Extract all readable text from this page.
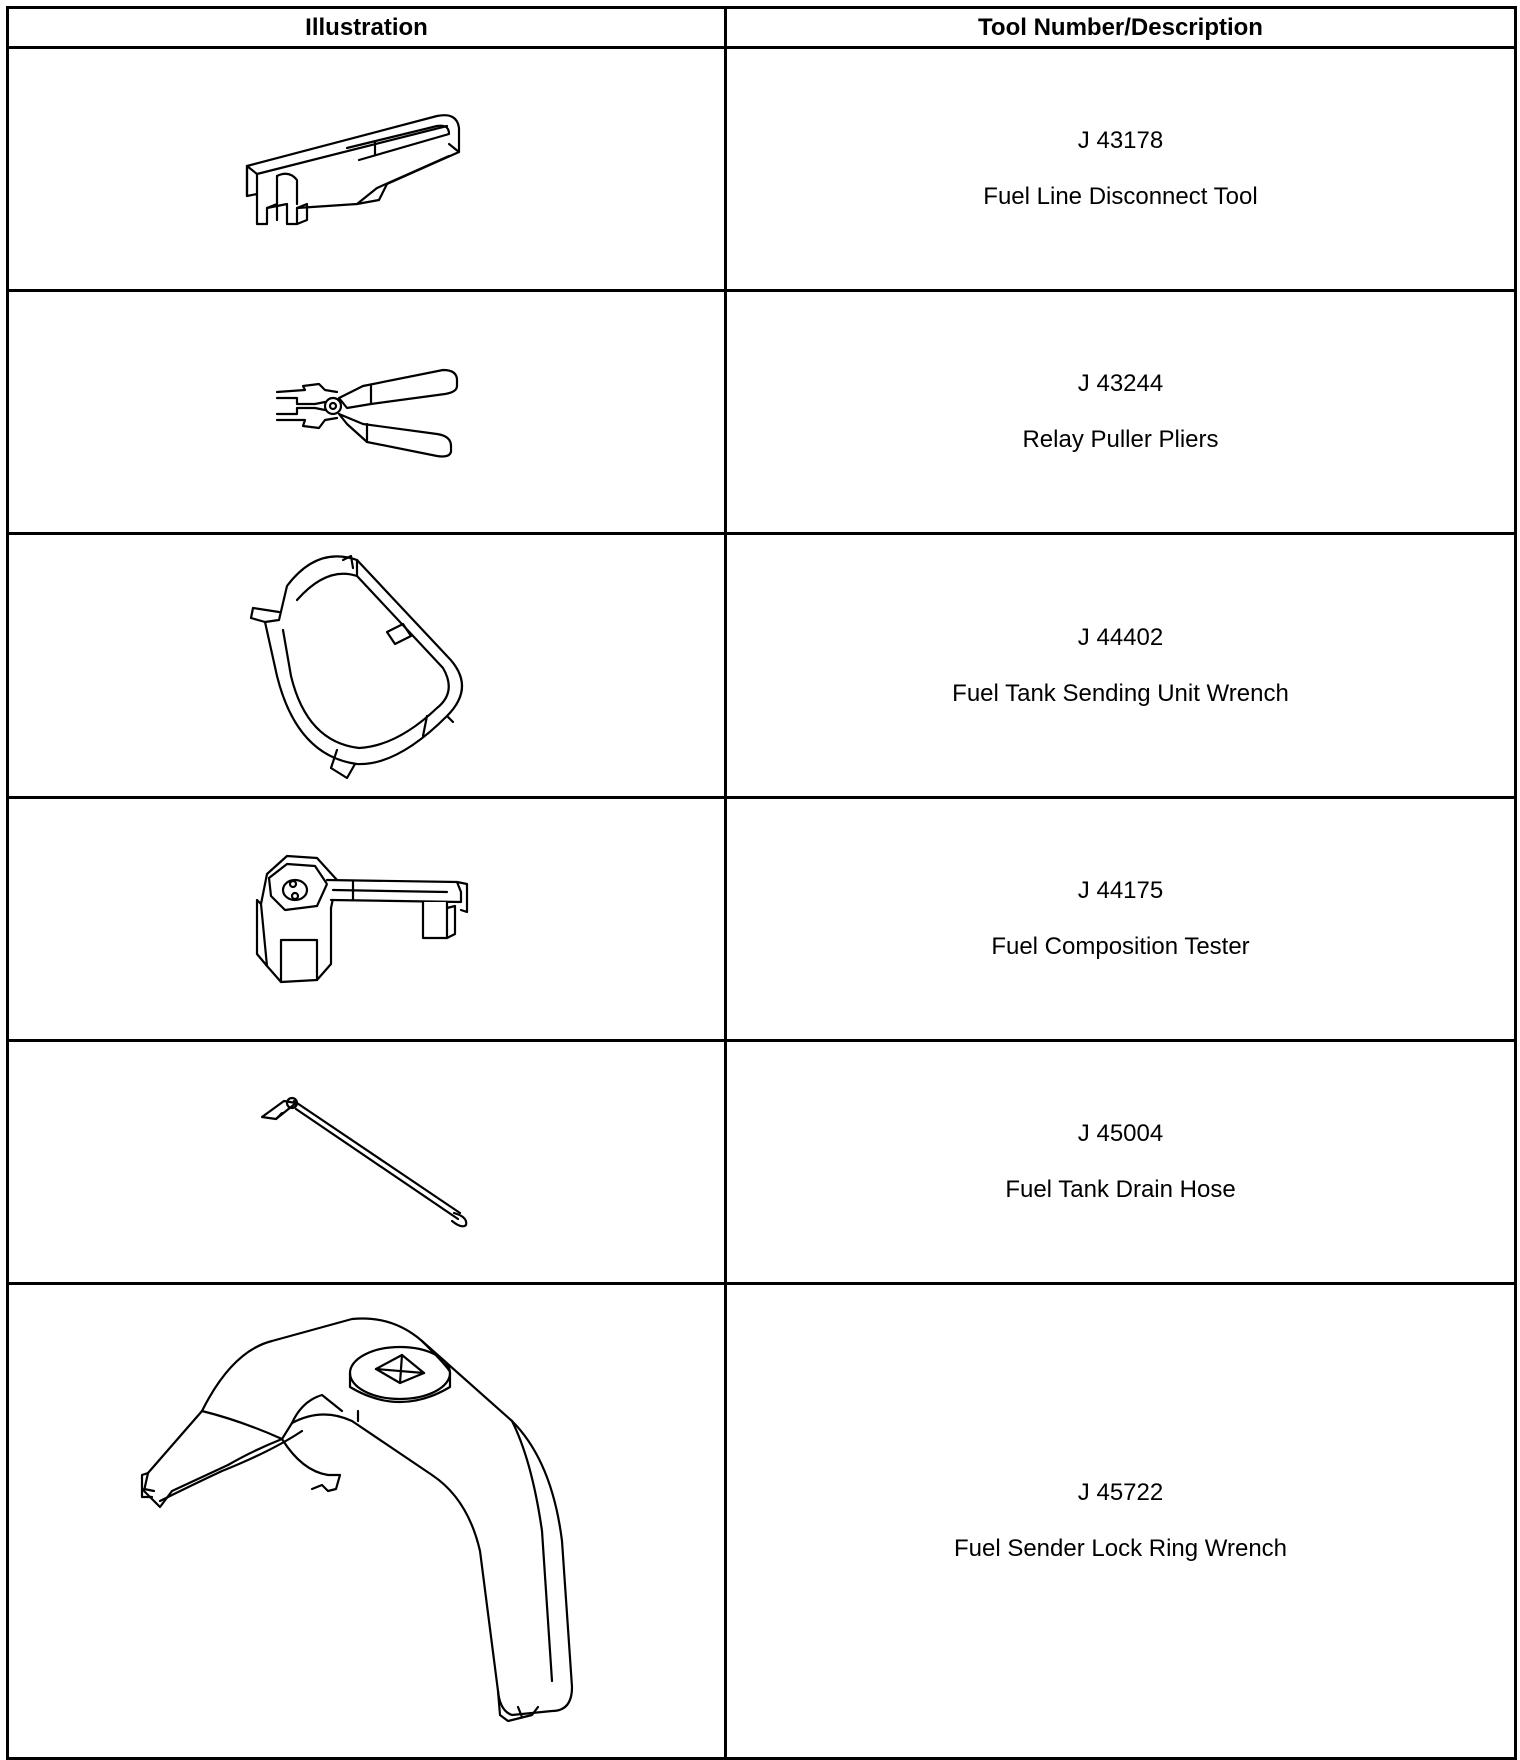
Illustration	Tool Number/Description

J 43178
Fuel Line Disconnect Tool

J 43244
Relay Puller Pliers

J 44402
Fuel Tank Sending Unit Wrench

J 44175
Fuel Composition Tester

J 45004
Fuel Tank Drain Hose

J 45722
Fuel Sender Lock Ring Wrench
